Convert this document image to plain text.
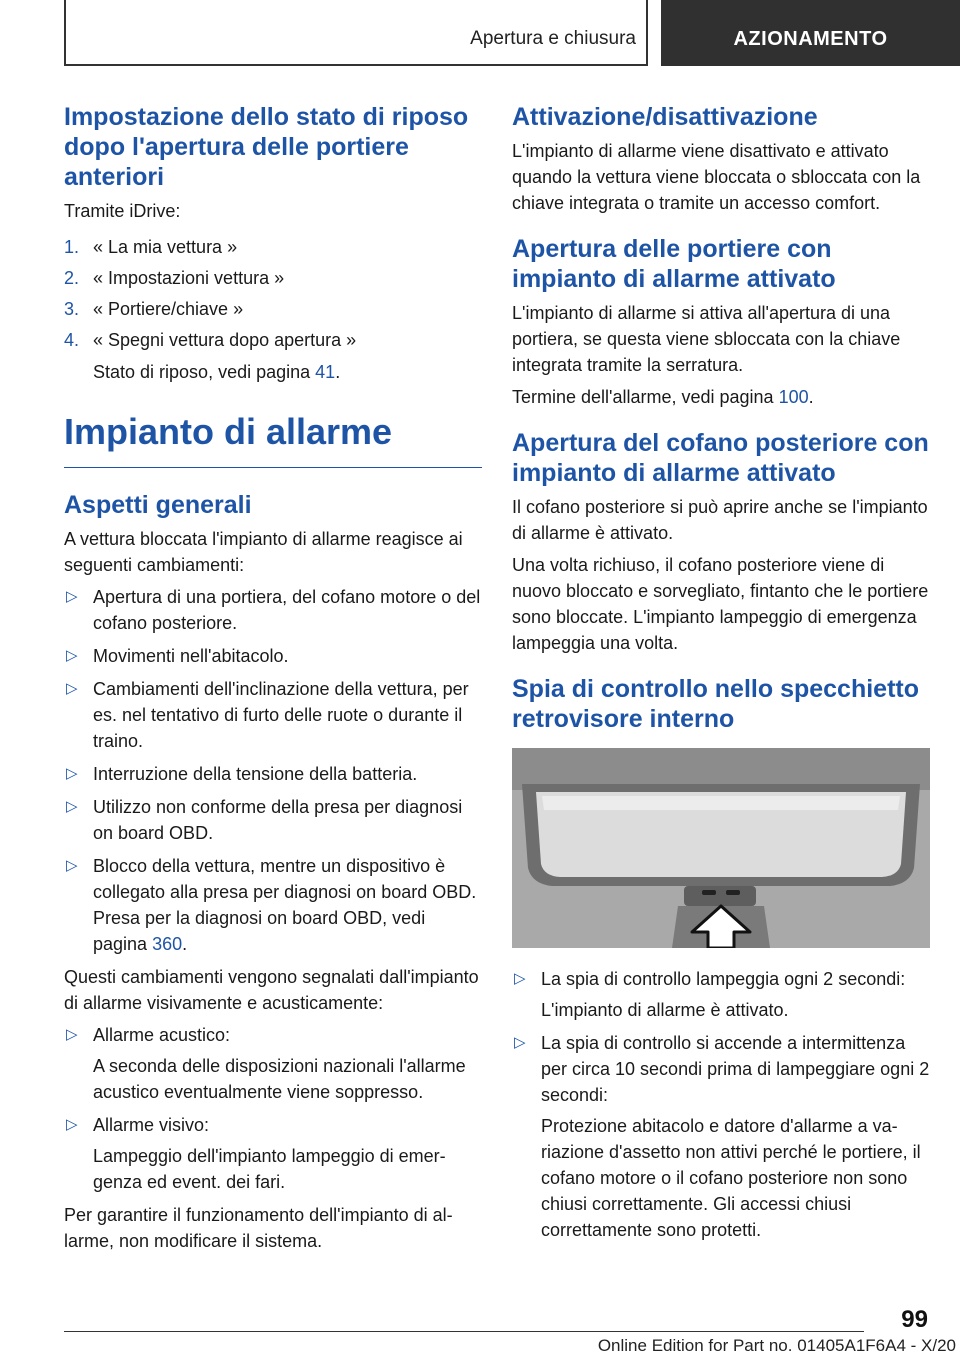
Apertura e chiusura	AZIONAMENTO
Impostazione dello stato di riposo dopo l'apertura delle portiere anteriori

Tramite iDrive:

1. « La mia vettura »
2. « Impostazioni vettura »
3. « Portiere/chiave »
4. « Spegni vettura dopo apertura »

Stato di riposo, vedi pagina 41.

Impianto di allarme
Aspetti generali

A vettura bloccata l'impianto di allarme reagisce ai seguenti cambiamenti:

▷ Apertura di una portiera, del cofano motore o del cofano posteriore.
▷ Movimenti nell'abitacolo.
▷ Cambiamenti dell'inclinazione della vettura, per es. nel tentativo di furto delle ruote o durante il traino.
▷ Interruzione della tensione della batteria.
▷ Utilizzo non conforme della presa per diagnosi on board OBD.
▷ Blocco della vettura, mentre un dispositivo è collegato alla presa per diagnosi on board OBD. Presa per la diagnosi on board OBD, vedi pagina 360.

Questi cambiamenti vengono segnalati dall'impianto di allarme visivamente e acusticamente:

▷ Allarme acustico:
A seconda delle disposizioni nazionali l'allarme acustico eventualmente viene soppresso.
▷ Allarme visivo:
Lampeggio dell'impianto lampeggio di emergenza ed event. dei fari.

Per garantire il funzionamento dell'impianto di allarme, non modificare il sistema.

Attivazione/disattivazione

L'impianto di allarme viene disattivato e attivato quando la vettura viene bloccata o sbloccata con la chiave integrata o tramite un accesso comfort.

Apertura delle portiere con impianto di allarme attivato

L'impianto di allarme si attiva all'apertura di una portiera, se questa viene sbloccata con la chiave integrata tramite la serratura.

Termine dell'allarme, vedi pagina 100.

Apertura del cofano posteriore con impianto di allarme attivato

Il cofano posteriore si può aprire anche se l'impianto di allarme è attivato.

Una volta richiuso, il cofano posteriore viene di nuovo bloccato e sorvegliato, fintanto che le portiere sono bloccate. L'impianto lampeggio di emergenza lampeggia una volta.

Spia di controllo nello specchietto retrovisore interno
▷ La spia di controllo lampeggia ogni 2 secondi:
L'impianto di allarme è attivato.
▷ La spia di controllo si accende a intermittenza per circa 10 secondi prima di lampeggiare ogni 2 secondi:
Protezione abitacolo e datore d'allarme a variazione d'assetto non attivi perché le portiere, il cofano motore o il cofano posteriore non sono chiusi correttamente. Gli accessi chiusi correttamente sono protetti.
99
Online Edition for Part no. 01405A1F6A4 - X/20
